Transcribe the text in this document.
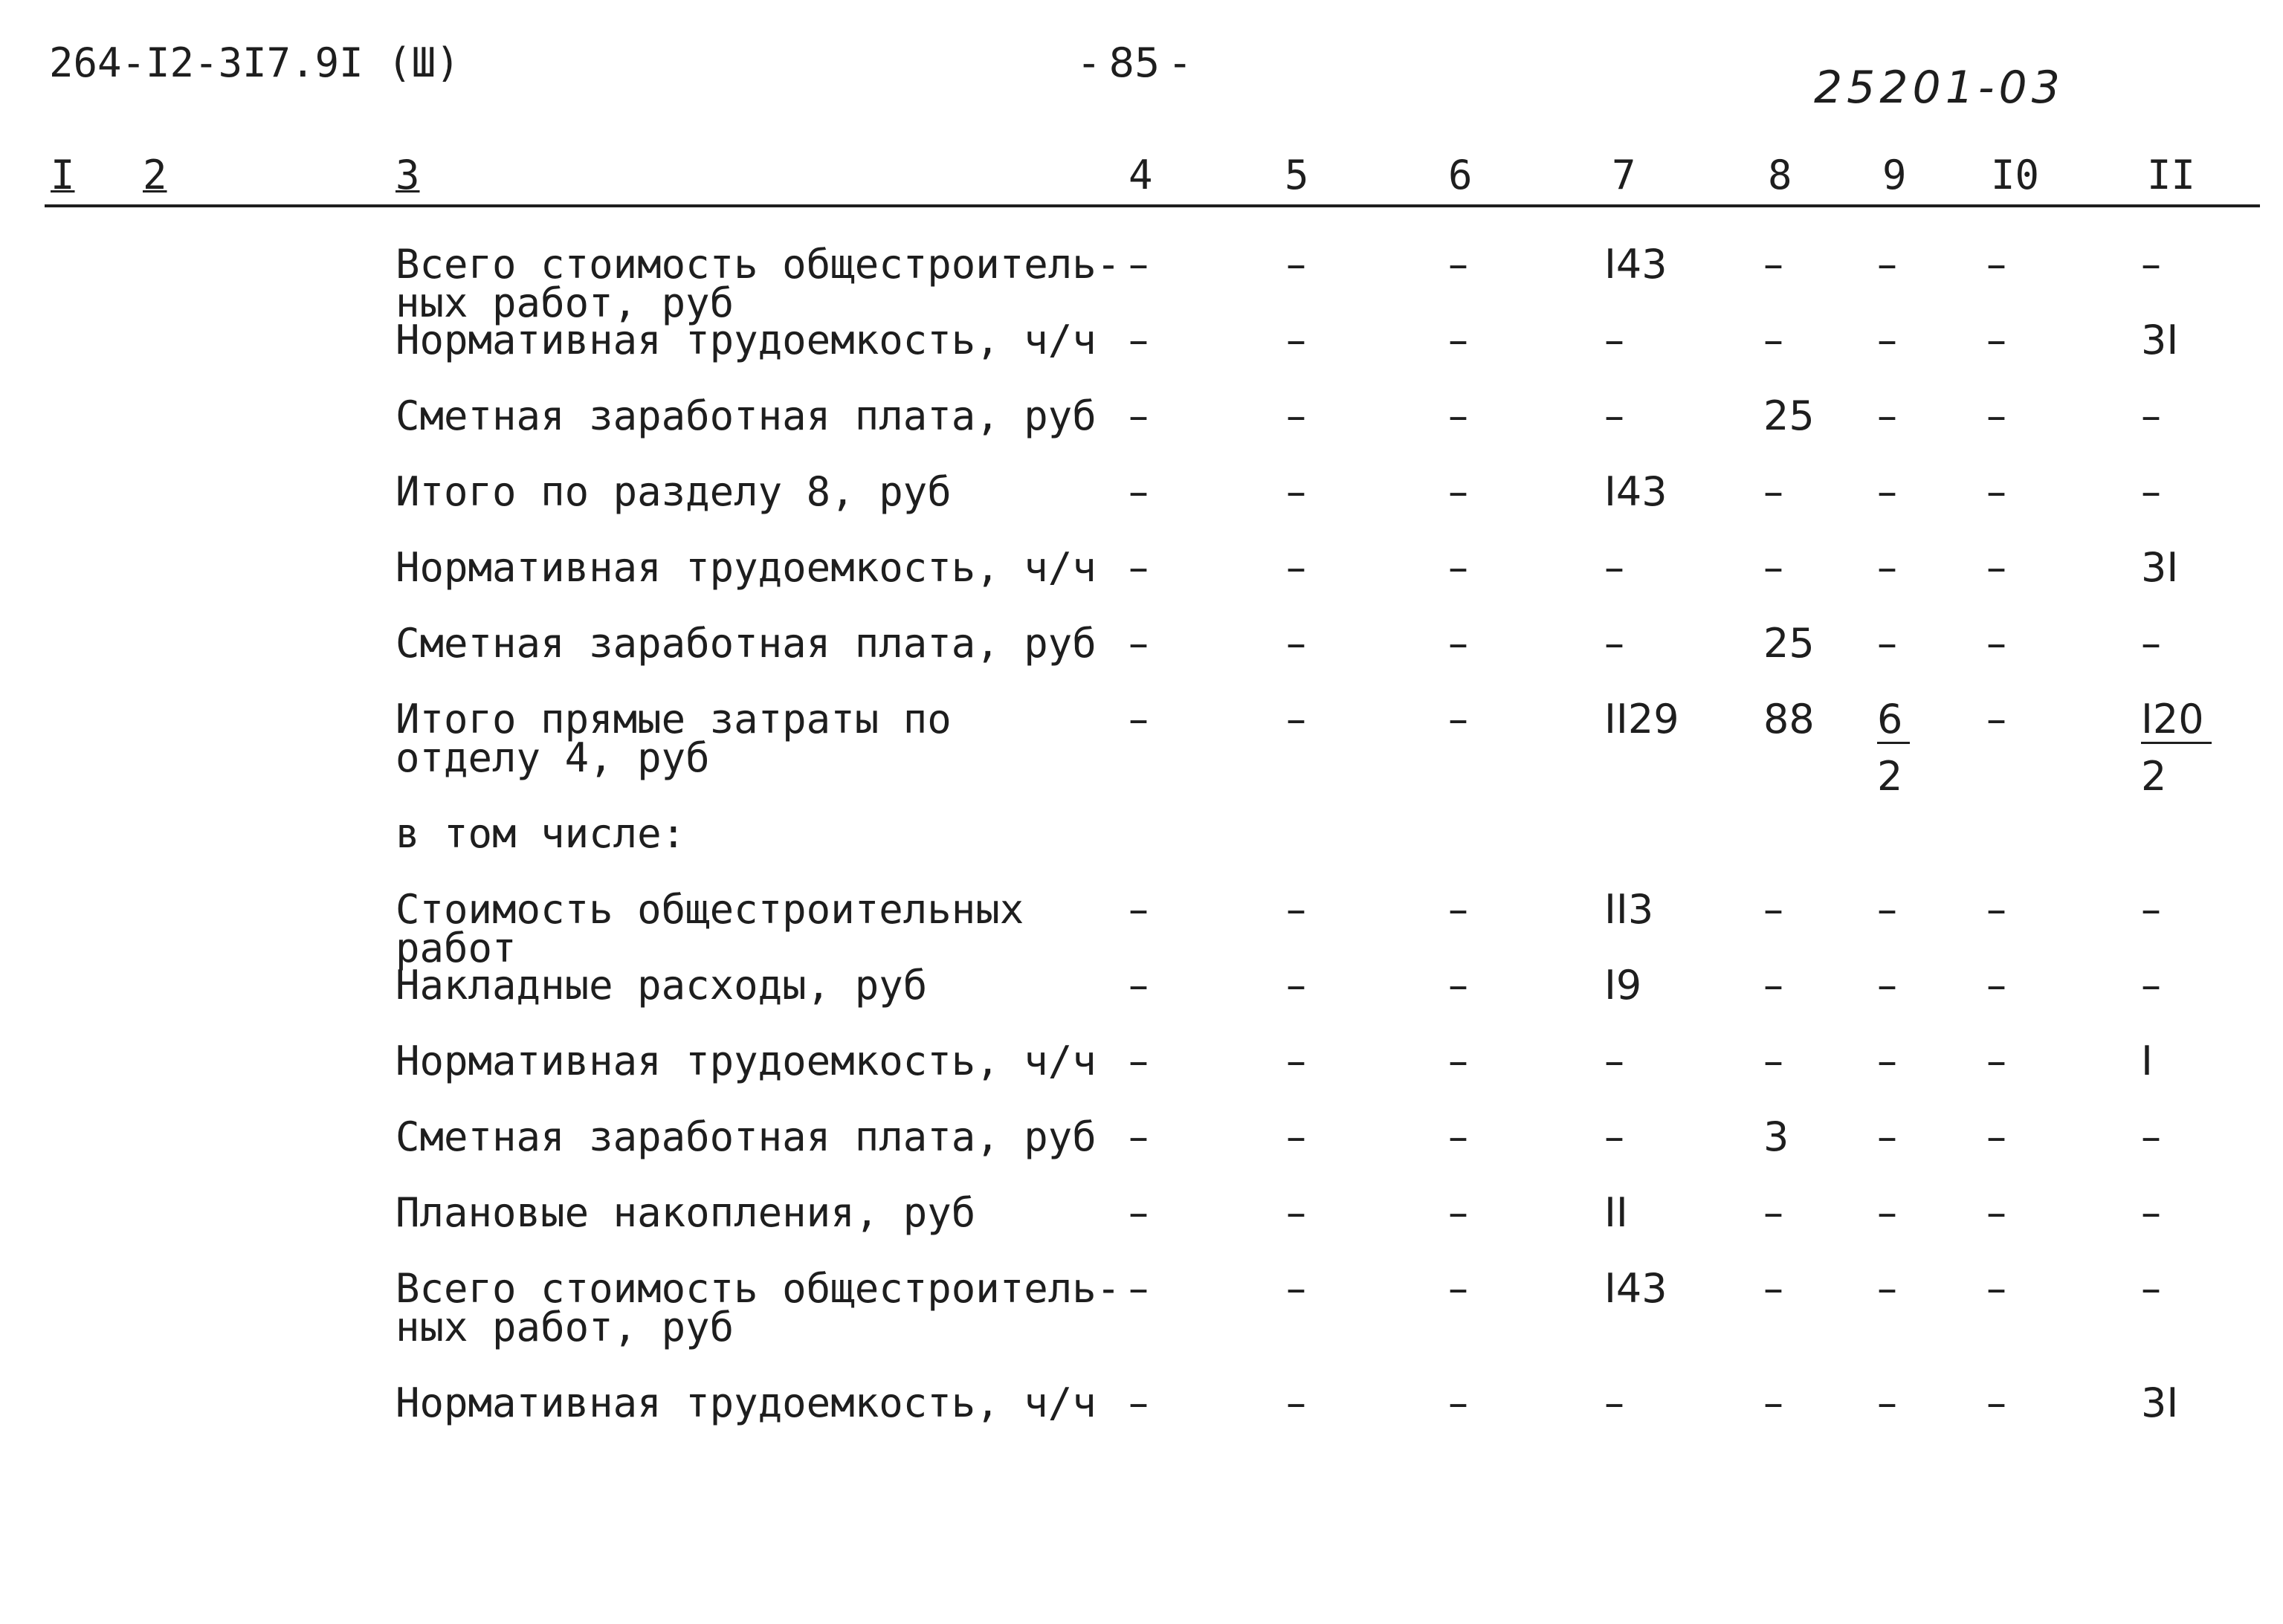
264-I2-3I7.9I (Ш)	- 85 -	25201-03
I 2	3	4	5	6	7	8 9 I0	II
Всего стоимость общестроитель-
ных работ, руб
–	–	–	I43 – – –	–
Нормативная трудоемкость, ч/ч –	–	–	–	– – –	3I
Сметная заработная плата, руб –	–	–	–	25 – –	–
Итого по разделу 8, руб	–	–	–	I43 – – –	–
Нормативная трудоемкость, ч/ч –	–	–	–	– – –	3I
Сметная заработная плата, руб –	–	–	–	25 – –	–
Итого прямые затраты по
отделу 4, руб
–	–	–	II29 $88 \frac{6}{2}$ –	$\frac{I20}{2}$
в том числе:
Стоимость общестроительных работ
–	–	–	II3	– – –	–
Накладные расходы, руб	–	–	–	I9	– – –	–
Нормативная трудоемкость, ч/ч –	–	–	–	– – –	I
Сметная заработная плата, руб –	–	–	–	3 – –	–
Плановые накопления, руб	–	–	–	II	– – –	–
Всего стоимость общестроитель-
ных работ, руб
–	–	–	I43 – – –	–
Нормативная трудоемкость, ч/ч –	–	–	–	– – –	3I
